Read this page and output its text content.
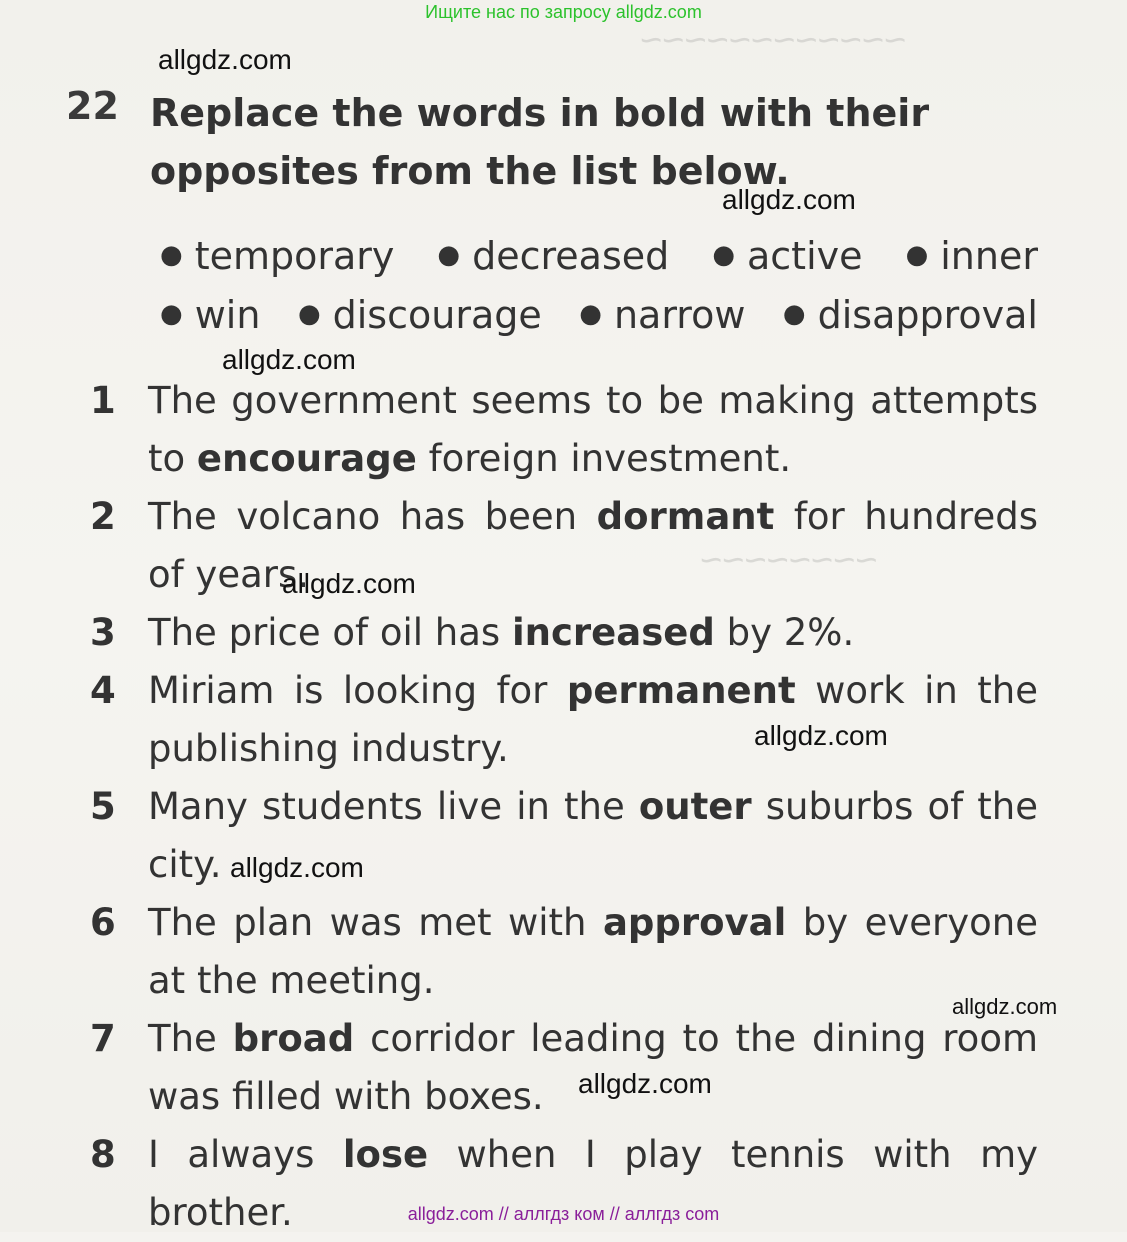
~~~~~~~~~~~~
~~~~~~~~
Ищите нас по запросу allgdz.com
22 Replace the words in bold with their
opposites from the list below.
● temporary	● decreased	● active	● inner
● win	● discourage	● narrow	● disapproval
1 The government seems to be making attempts to encourage foreign investment.
2 The volcano has been dormant for hundreds of years.
3 The price of oil has increased by 2%.
4 Miriam is looking for permanent work in the publishing industry.
5 Many students live in the outer suburbs of the city.
6 The plan was met with approval by everyone at the meeting.
7 The broad corridor leading to the dining room was filled with boxes.
8 I always lose when I play tennis with my brother.
allgdz.com
allgdz.com
allgdz.com
allgdz.com
allgdz.com
allgdz.com
allgdz.com
allgdz.com
allgdz.com // аллгдз ком // аллгдз com
